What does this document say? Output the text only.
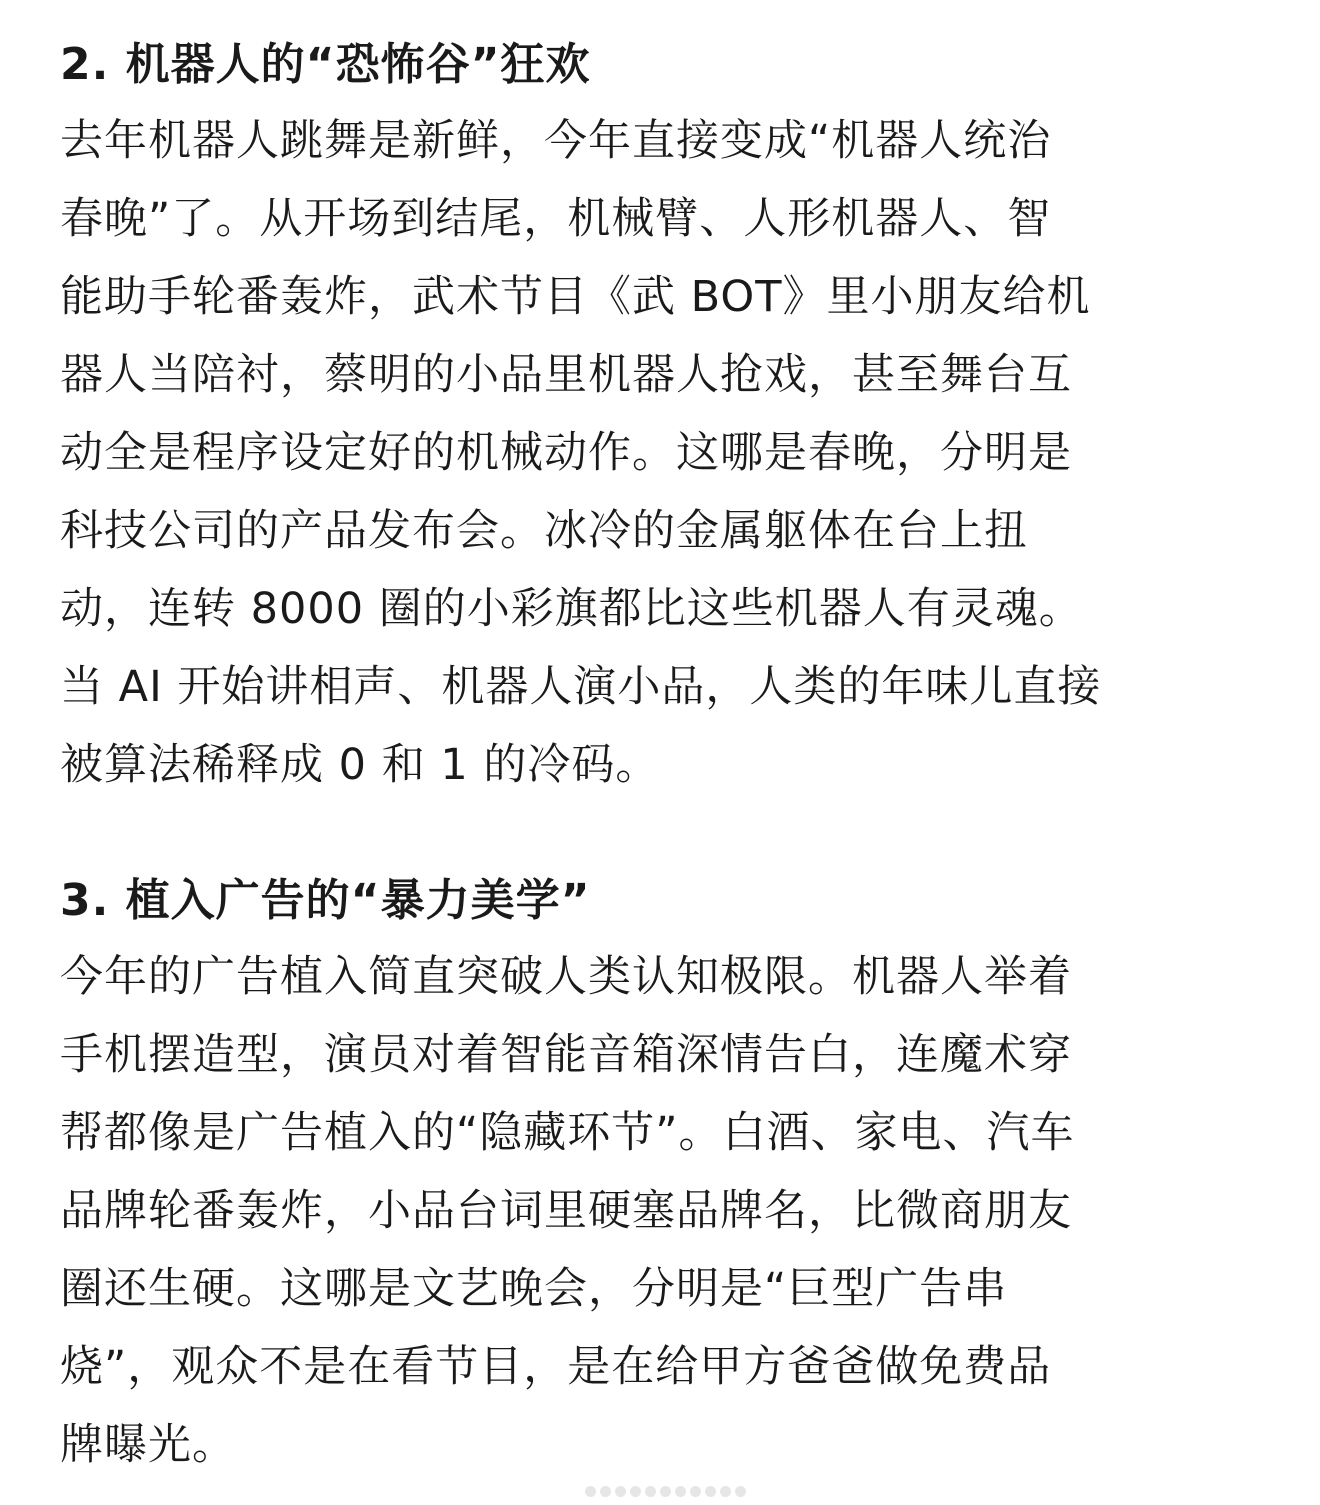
2. 机器人的“恐怖谷”狂欢

去年机器人跳舞是新鲜，今年直接变成“机器人统治
春晚”了。从开场到结尾，机械臂、人形机器人、智
能助手轮番轰炸，武术节目《武 BOT》里小朋友给机
器人当陪衬，蔡明的小品里机器人抢戏，甚至舞台互
动全是程序设定好的机械动作。这哪是春晚，分明是
科技公司的产品发布会。冰冷的金属躯体在台上扭
动，连转 8000 圈的小彩旗都比这些机器人有灵魂。
当 AI 开始讲相声、机器人演小品，人类的年味儿直接
被算法稀释成 0 和 1 的冷码。

3. 植入广告的“暴力美学”

今年的广告植入简直突破人类认知极限。机器人举着
手机摆造型，演员对着智能音箱深情告白，连魔术穿
帮都像是广告植入的“隐藏环节”。白酒、家电、汽车
品牌轮番轰炸，小品台词里硬塞品牌名，比微商朋友
圈还生硬。这哪是文艺晚会，分明是“巨型广告串
烧”，观众不是在看节目，是在给甲方爸爸做免费品
牌曝光。
